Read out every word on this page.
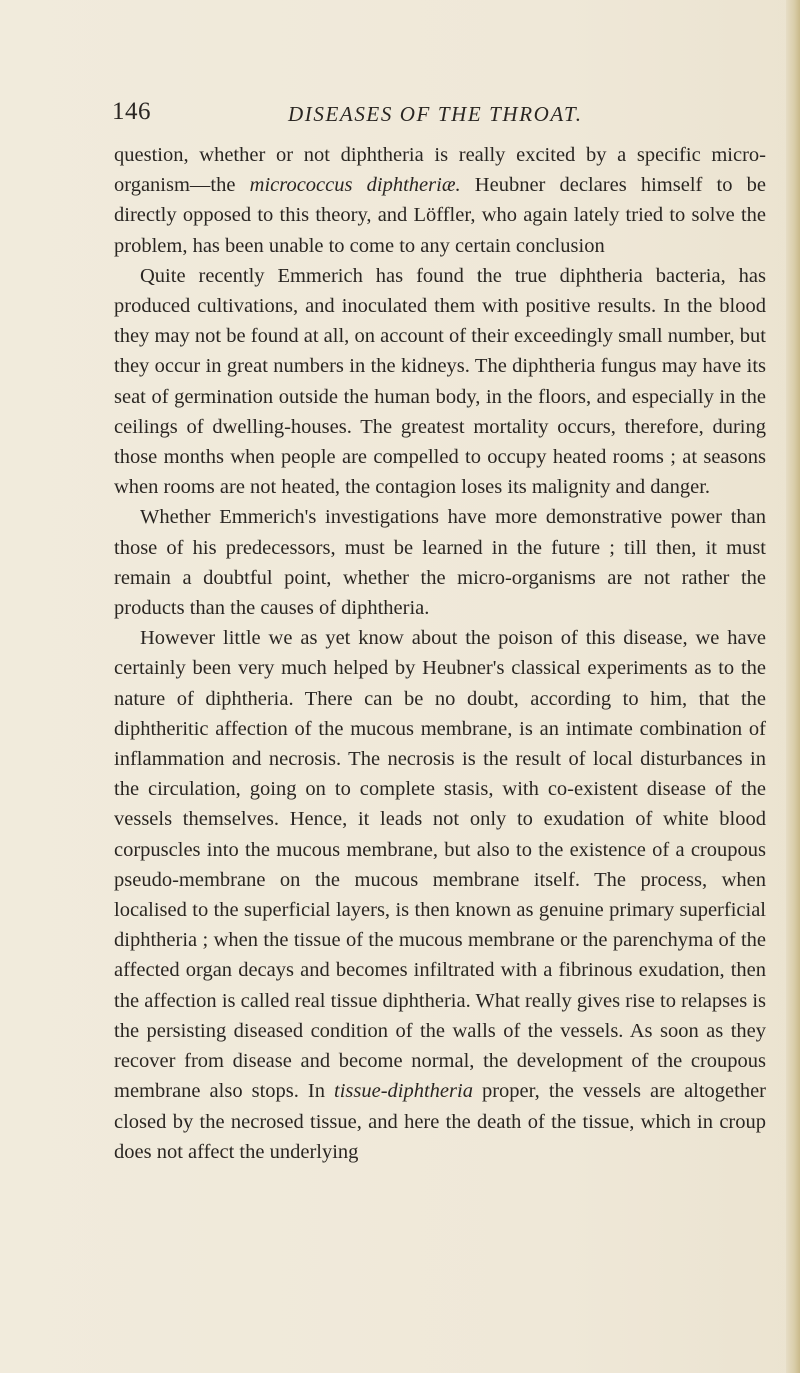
146	DISEASES OF THE THROAT.

question, whether or not diphtheria is really excited by a specific micro-organism—the micrococcus diphtheriæ. Heubner declares himself to be directly opposed to this theory, and Löffler, who again lately tried to solve the problem, has been unable to come to any certain conclusion

Quite recently Emmerich has found the true diphtheria bacteria, has produced cultivations, and inoculated them with positive results. In the blood they may not be found at all, on account of their exceedingly small number, but they occur in great numbers in the kidneys. The diphtheria fungus may have its seat of germination outside the human body, in the floors, and especially in the ceilings of dwelling-houses. The greatest mortality occurs, therefore, during those months when people are compelled to occupy heated rooms ; at seasons when rooms are not heated, the contagion loses its malignity and danger.

Whether Emmerich's investigations have more demonstrative power than those of his predecessors, must be learned in the future ; till then, it must remain a doubtful point, whether the micro-organisms are not rather the products than the causes of diphtheria.

However little we as yet know about the poison of this disease, we have certainly been very much helped by Heubner's classical experiments as to the nature of diphtheria. There can be no doubt, according to him, that the diphtheritic affection of the mucous membrane, is an intimate combination of inflammation and necrosis. The necrosis is the result of local disturbances in the circulation, going on to complete stasis, with co-existent disease of the vessels themselves. Hence, it leads not only to exudation of white blood corpuscles into the mucous membrane, but also to the existence of a croupous pseudo-membrane on the mucous membrane itself. The process, when localised to the superficial layers, is then known as genuine primary superficial diphtheria ; when the tissue of the mucous membrane or the parenchyma of the affected organ decays and becomes infiltrated with a fibrinous exudation, then the affection is called real tissue diphtheria. What really gives rise to relapses is the persisting diseased condition of the walls of the vessels. As soon as they recover from disease and become normal, the development of the croupous membrane also stops. In tissue-diphtheria proper, the vessels are altogether closed by the necrosed tissue, and here the death of the tissue, which in croup does not affect the underlying
